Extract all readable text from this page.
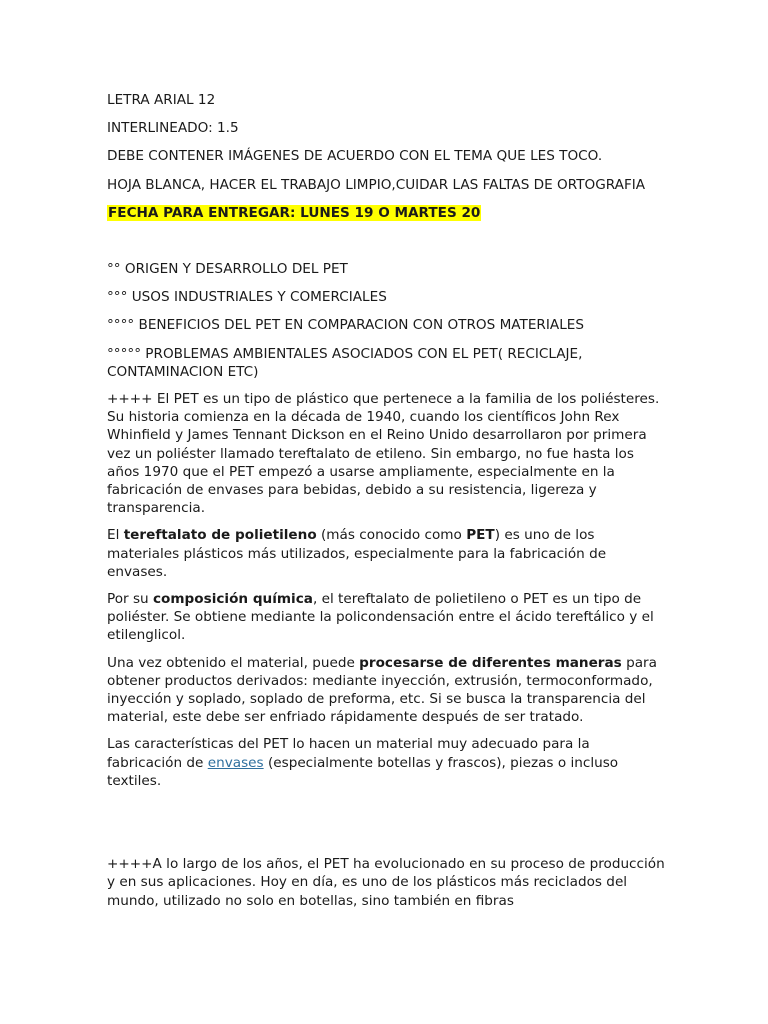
LETRA ARIAL 12
INTERLINEADO: 1.5
DEBE CONTENER IMÁGENES DE ACUERDO CON EL TEMA QUE LES TOCO.
HOJA BLANCA, HACER EL TRABAJO LIMPIO,CUIDAR LAS FALTAS DE ORTOGRAFIA
FECHA PARA ENTREGAR: LUNES 19 O MARTES 20
°° ORIGEN Y DESARROLLO DEL PET
°°° USOS INDUSTRIALES Y COMERCIALES
°°°° BENEFICIOS DEL PET EN COMPARACION CON OTROS MATERIALES

°°°°° PROBLEMAS AMBIENTALES ASOCIADOS CON EL PET( RECICLAJE, CONTAMINACION ETC)

++++ El PET es un tipo de plástico que pertenece a la familia de los poliésteres. Su historia comienza en la década de 1940, cuando los científicos John Rex Whinfield y James Tennant Dickson en el Reino Unido desarrollaron por primera vez un poliéster llamado tereftalato de etileno. Sin embargo, no fue hasta los años 1970 que el PET empezó a usarse ampliamente, especialmente en la fabricación de envases para bebidas, debido a su resistencia, ligereza y transparencia.

El tereftalato de polietileno (más conocido como PET) es uno de los materiales plásticos más utilizados, especialmente para la fabricación de envases.

Por su composición química, el tereftalato de polietileno o PET es un tipo de poliéster. Se obtiene mediante la policondensación entre el ácido tereftálico y el etilenglicol.

Una vez obtenido el material, puede procesarse de diferentes maneras para obtener productos derivados: mediante inyección, extrusión, termoconformado, inyección y soplado, soplado de preforma, etc. Si se busca la transparencia del material, este debe ser enfriado rápidamente después de ser tratado.

Las características del PET lo hacen un material muy adecuado para la fabricación de envases (especialmente botellas y frascos), piezas o incluso textiles.

++++A lo largo de los años, el PET ha evolucionado en su proceso de producción y en sus aplicaciones. Hoy en día, es uno de los plásticos más reciclados del mundo, utilizado no solo en botellas, sino también en fibras
